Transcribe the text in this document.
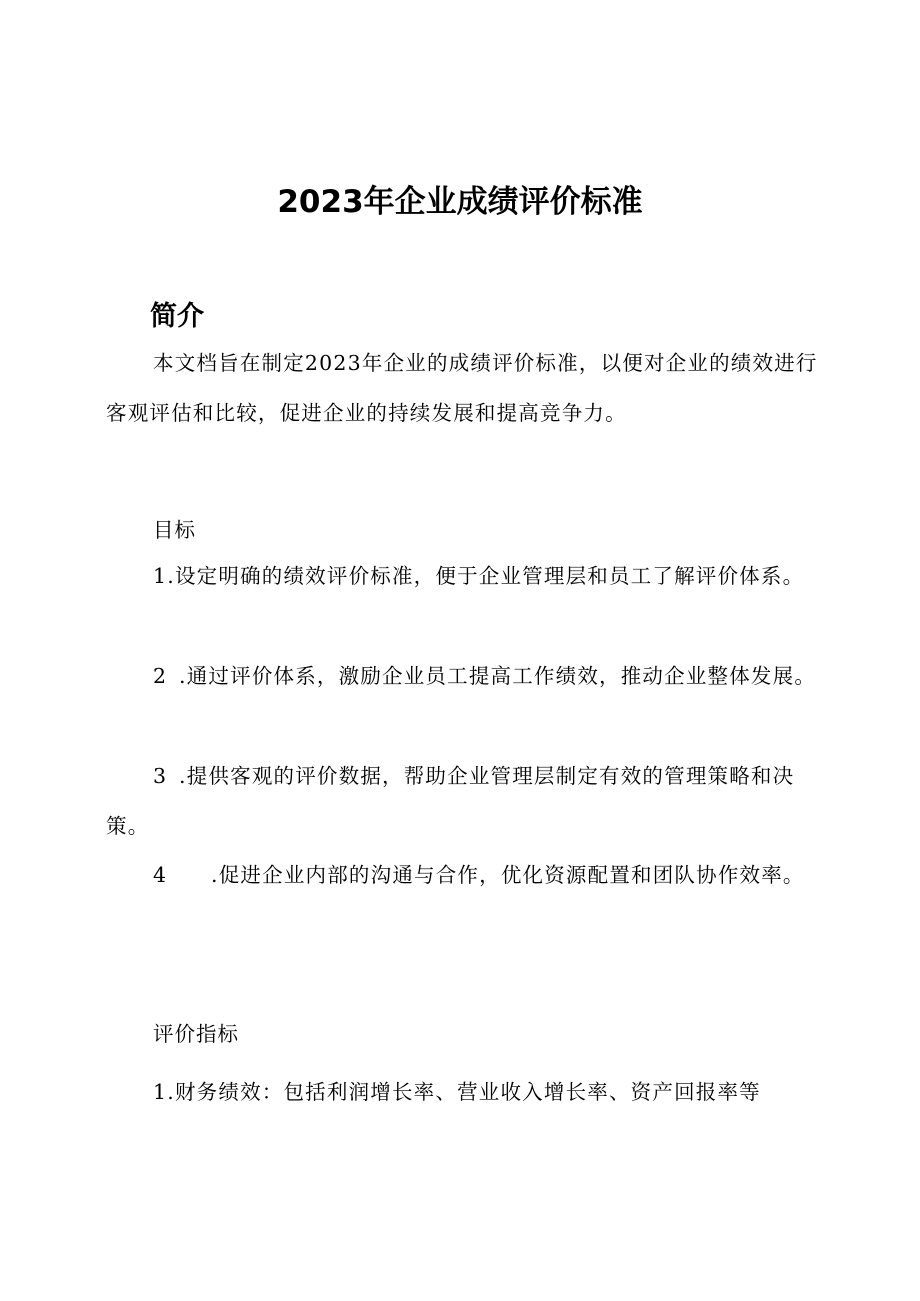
2023年企业成绩评价标准
简介

本文档旨在制定2023年企业的成绩评价标准，以便对企业的绩效进行客观评估和比较，促进企业的持续发展和提高竞争力。

目标

1.设定明确的绩效评价标准，便于企业管理层和员工了解评价体系。

2 .通过评价体系，激励企业员工提高工作绩效，推动企业整体发展。

3 .提供客观的评价数据，帮助企业管理层制定有效的管理策略和决策。

4 .促进企业内部的沟通与合作，优化资源配置和团队协作效率。

评价指标

1.财务绩效：包括利润增长率、营业收入增长率、资产回报率等
